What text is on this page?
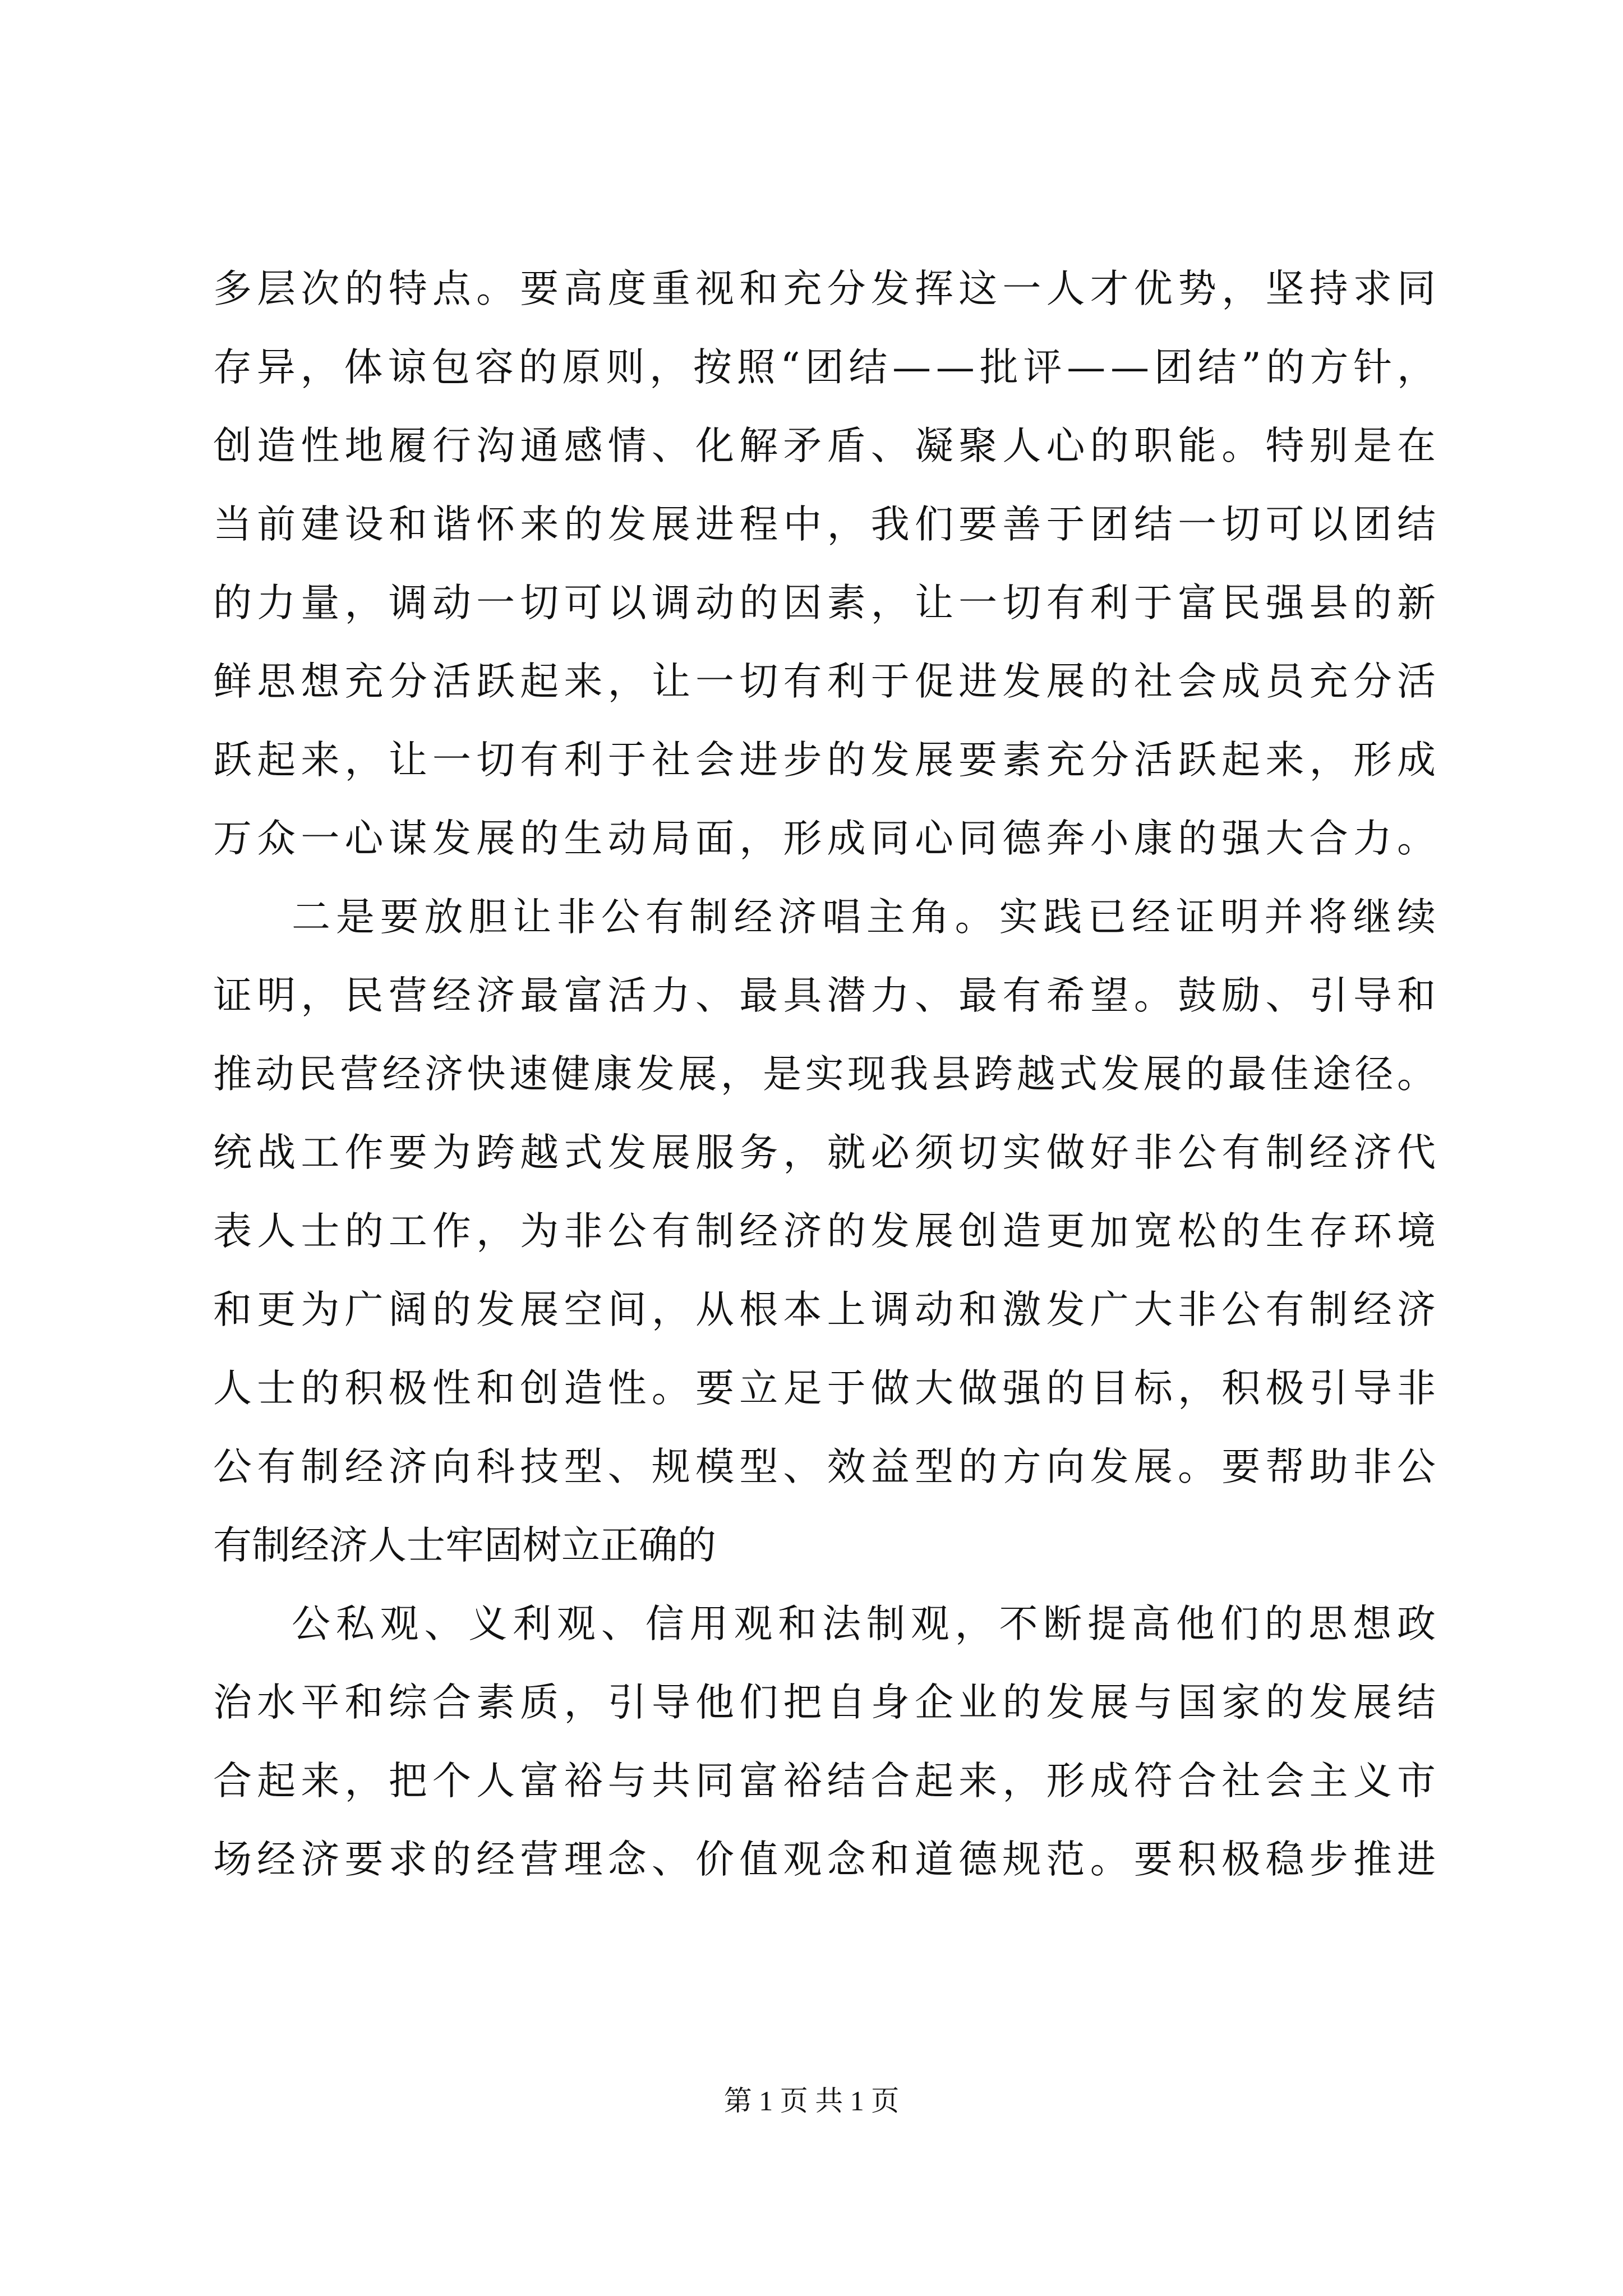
多层次的特点。要高度重视和充分发挥这一人才优势，坚持求同
存异，体谅包容的原则，按照“团结——批评——团结”的方针，
创造性地履行沟通感情、化解矛盾、凝聚人心的职能。特别是在
当前建设和谐怀来的发展进程中，我们要善于团结一切可以团结
的力量，调动一切可以调动的因素，让一切有利于富民强县的新
鲜思想充分活跃起来，让一切有利于促进发展的社会成员充分活
跃起来，让一切有利于社会进步的发展要素充分活跃起来，形成
万众一心谋发展的生动局面，形成同心同德奔小康的强大合力。
二是要放胆让非公有制经济唱主角。实践已经证明并将继续
证明，民营经济最富活力、最具潜力、最有希望。鼓励、引导和
推动民营经济快速健康发展，是实现我县跨越式发展的最佳途径。
统战工作要为跨越式发展服务，就必须切实做好非公有制经济代
表人士的工作，为非公有制经济的发展创造更加宽松的生存环境
和更为广阔的发展空间，从根本上调动和激发广大非公有制经济
人士的积极性和创造性。要立足于做大做强的目标，积极引导非
公有制经济向科技型、规模型、效益型的方向发展。要帮助非公
有制经济人士牢固树立正确的
公私观、义利观、信用观和法制观，不断提高他们的思想政
治水平和综合素质，引导他们把自身企业的发展与国家的发展结
合起来，把个人富裕与共同富裕结合起来，形成符合社会主义市
场经济要求的经营理念、价值观念和道德规范。要积极稳步推进
第 1 页 共 1 页
